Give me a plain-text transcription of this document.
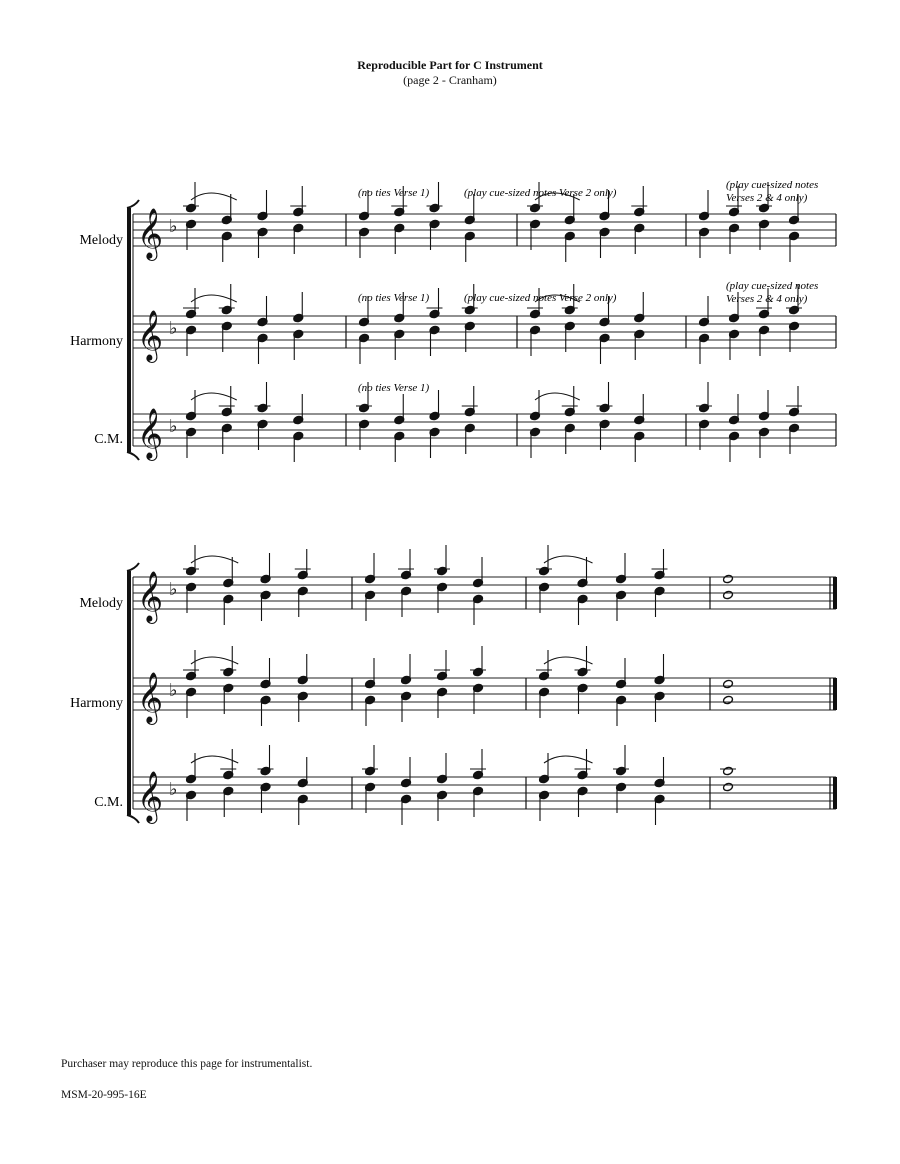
Reproducible Part for C Instrument
(page 2 - Cranham)
𝄞 ♭
𝄞 ♭
𝄞 ♭
𝄞 ♭
𝄞 ♭
𝄞 ♭
Melody
Harmony
C.M.
Melody
Harmony
C.M.
(no ties Verse 1)	(play cue-sized notes Verse 2 only)
(play cue-sized notes
Verses 2 & 4 only)
(no ties Verse 1)	(play cue-sized notes Verse 2 only)
(play cue-sized notes
Verses 2 & 4 only)
(no ties Verse 1)
Purchaser may reproduce this page for instrumentalist.
MSM-20-995-16E
